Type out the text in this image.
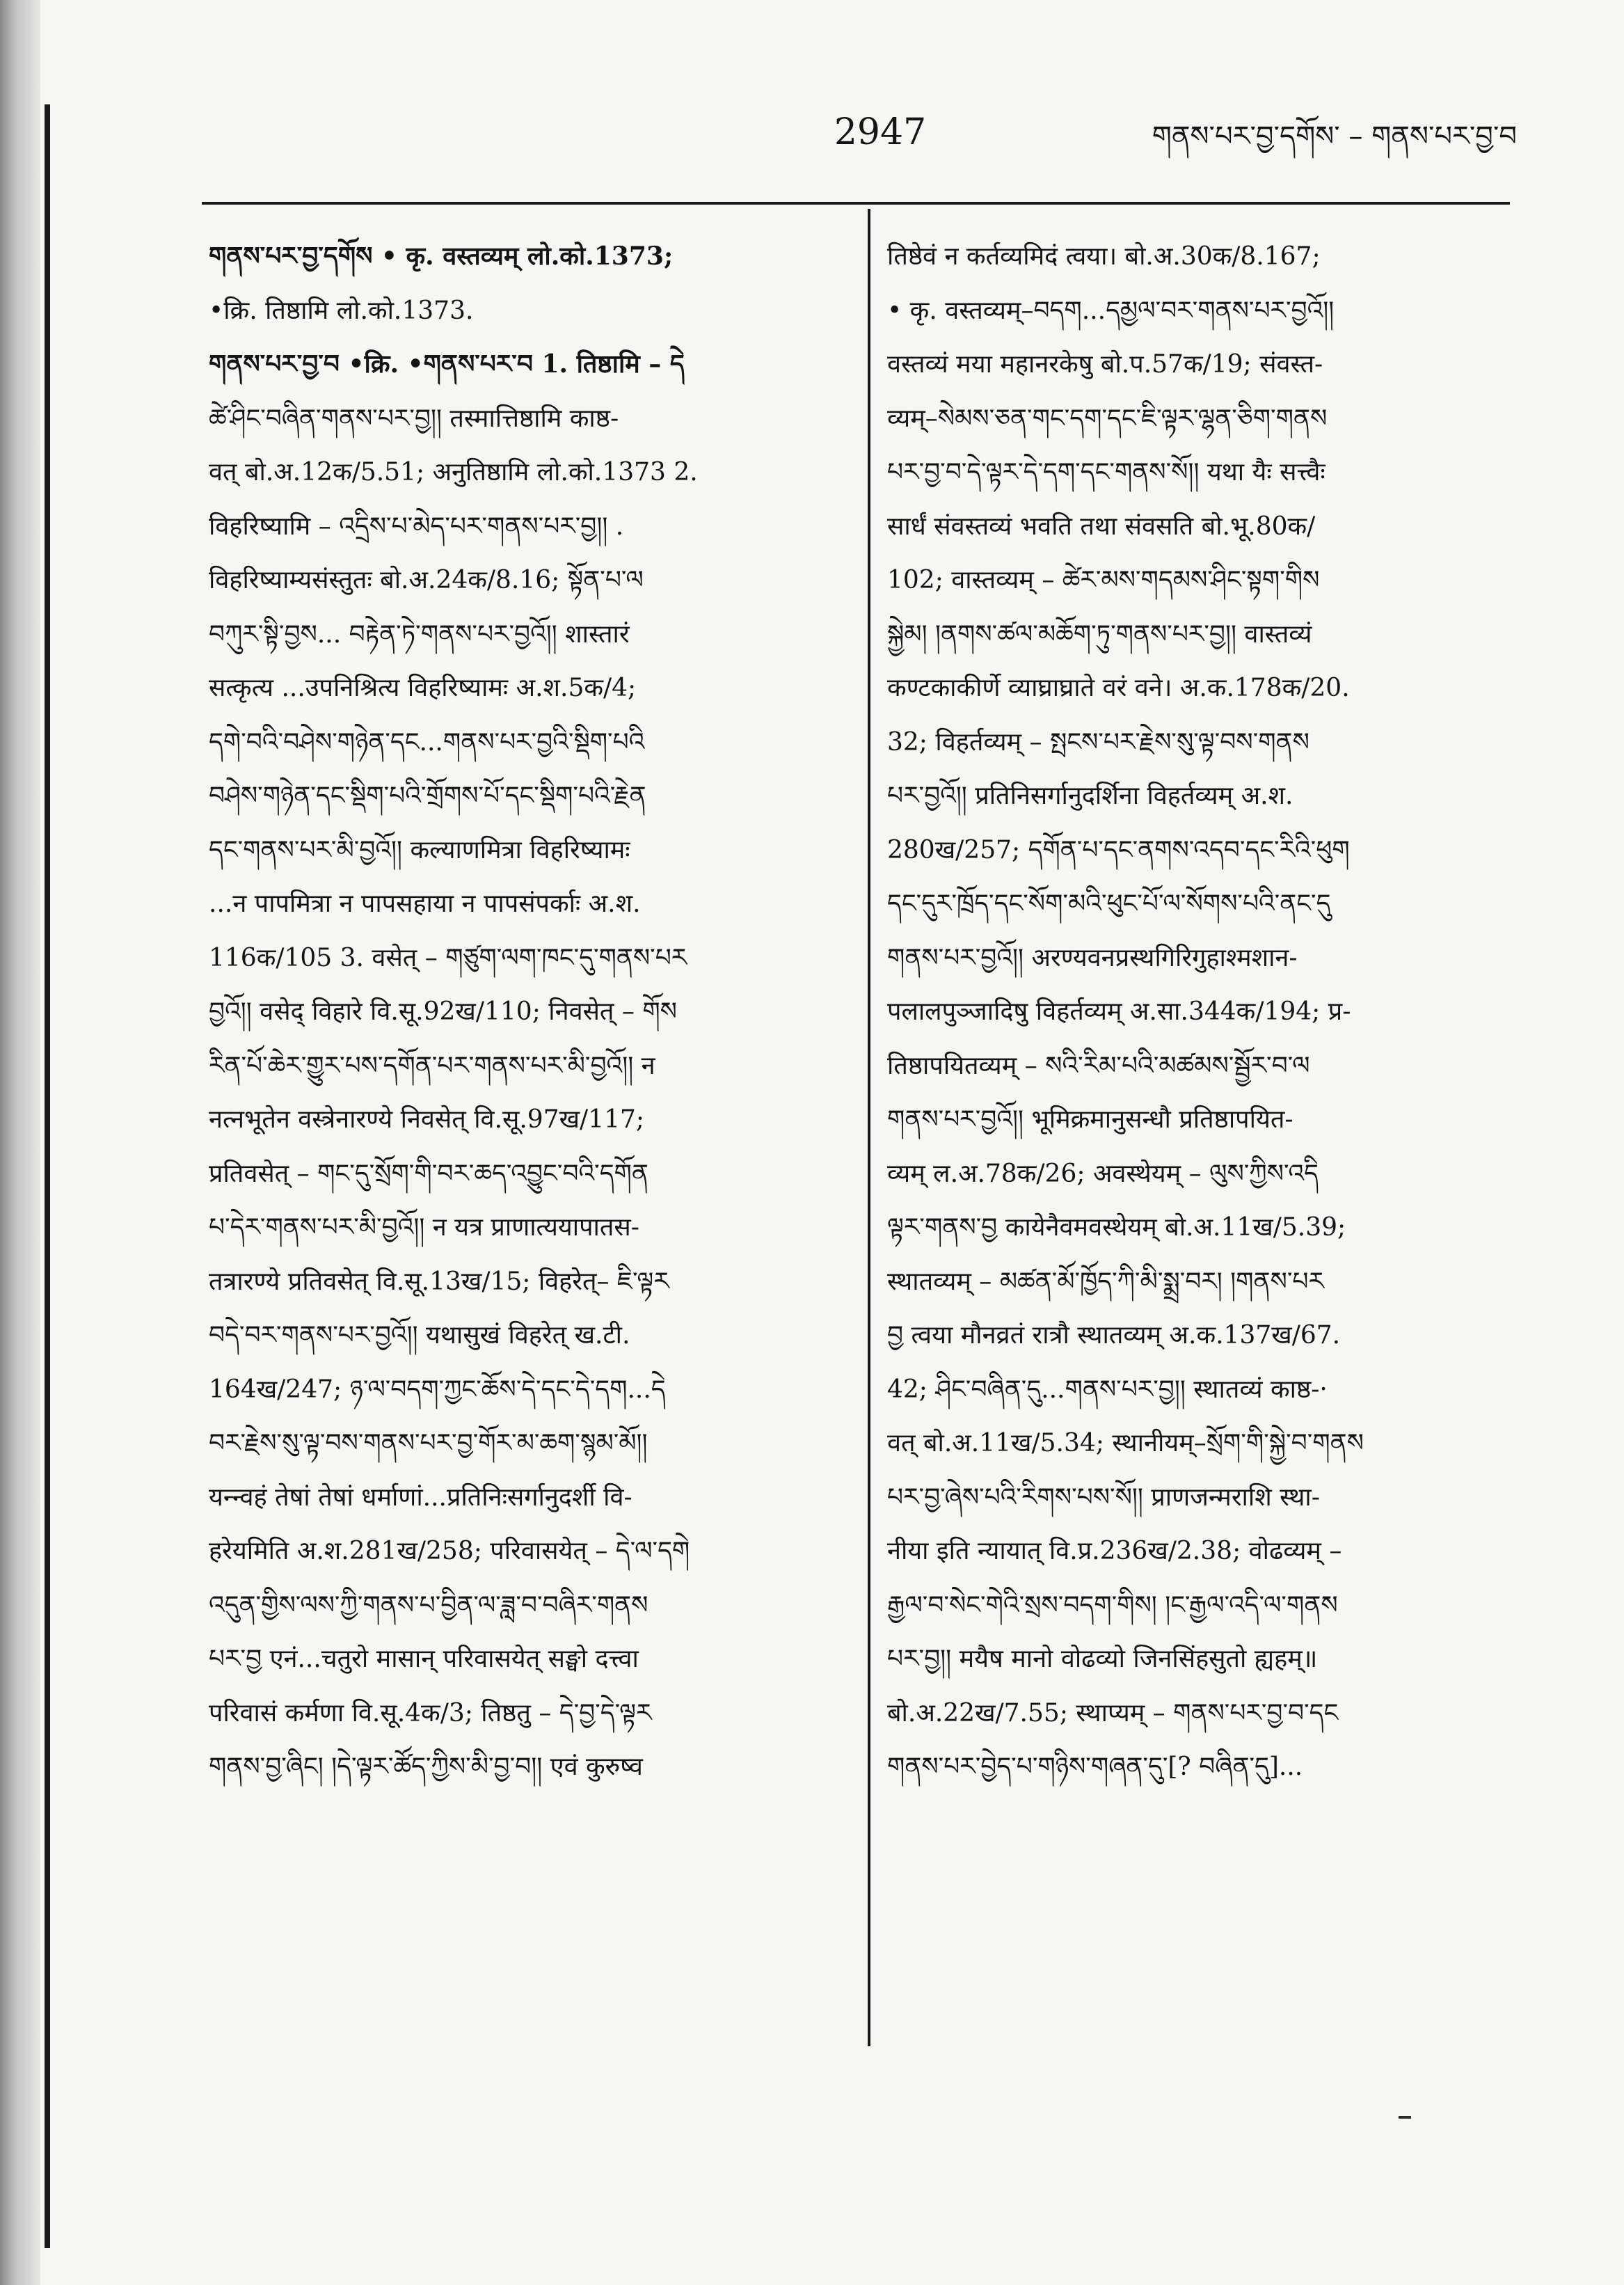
2947	གནས་པར་བྱ་དགོས་ – གནས་པར་བྱ་བ
གནས་པར་བྱ་དགོས • कृ. वस्तव्यम् लो.को.1373;
•क्रि. तिष्ठामि लो.को.1373.
གནས་པར་བྱ་བ •क्रि. •གནས་པར་བ 1. तिष्ठामि – དེ
ཚེ་ཤིང་བཞིན་གནས་པར་བྱ།། तस्मात्तिष्ठामि काष्ठ-
वत् बो.अ.12क/5.51; अनुतिष्ठामि लो.को.1373 2.
विहरिष्यामि – འདྲིས་པ་མེད་པར་གནས་པར་བྱ།། .
विहरिष्याम्यसंस्तुतः बो.अ.24क/8.16; སྟོན་པ་ལ
བཀུར་སྟི་བྱས... བརྟེན་ཏེ་གནས་པར་བྱའོ།། शास्तारं
सत्कृत्य ...उपनिश्रित्य विहरिष्यामः अ.श.5क/4;
དགེ་བའི་བཤེས་གཉེན་དང...གནས་པར་བྱའི་སྡིག་པའི
བཤེས་གཉེན་དང་སྡིག་པའི་གྲོགས་པོ་དང་སྡིག་པའི་རྗེན
དང་གནས་པར་མི་བྱའོ།། कल्याणमित्रा विहरिष्यामः
...न पापमित्रा न पापसहाया न पापसंपर्काः अ.श.
116क/105 3. वसेत् – གཙུག་ལག་ཁང་དུ་གནས་པར
བྱའོ།། वसेद् विहारे वि.सू.92ख/110; निवसेत् – གོས
རིན་པོ་ཆེར་གྱུར་པས་དགོན་པར་གནས་པར་མི་བྱའོ།། न
नत्नभूतेन वस्त्रेनारण्ये निवसेत् वि.सू.97ख/117;
प्रतिवसेत् – གང་དུ་སྲོག་གི་བར་ཆད་འབྱུང་བའི་དགོན
པ་དེར་གནས་པར་མི་བྱའོ།། न यत्र प्राणात्ययापातस-
तत्रारण्ये प्रतिवसेत् वि.सू.13ख/15; विहरेत्– ཇི་ལྟར
བདེ་བར་གནས་པར་བྱའོ།། यथासुखं विहरेत् ख.टी.
164ख/247; ཉ་ལ་བདག་ཀྱང་ཆོས་དེ་དང་དེ་དག...དེ
བར་རྗེས་སུ་ལྟ་བས་གནས་པར་བྱ་གོར་མ་ཆག་སྙམ་མོ།།
यन्न्वहं तेषां तेषां धर्माणां...प्रतिनिःसर्गानुदर्शी वि-
हरेयमिति अ.श.281ख/258; परिवासयेत् – དེ་ལ་དགེ
འདུན་གྱིས་ལས་ཀྱི་གནས་པ་བྱིན་ལ་ཟླ་བ་བཞིར་གནས
པར་བྱ एनं...चतुरो मासान् परिवासयेत् सङ्घो दत्त्वा
परिवासं कर्मणा वि.सू.4क/3; तिष्ठतु – དེ་བྱ་དེ་ལྟར
གནས་བྱ་ཞིང། །དེ་ལྟར་ཚོད་ཀྱིས་མི་བྱ་བ།། एवं कुरुष्व
तिष्ठेवं न कर्तव्यमिदं त्वया। बो.अ.30क/8.167;
• कृ. वस्तव्यम्–བདག...དམྱལ་བར་གནས་པར་བྱའོ།།
वस्तव्यं मया महानरकेषु बो.प.57क/19; संवस्त-
व्यम्–སེམས་ཅན་གང་དག་དང་ཇི་ལྟར་ལྷན་ཅིག་གནས
པར་བྱ་བ་དེ་ལྟར་དེ་དག་དང་གནས་སོ།། यथा यैः सत्त्वैः
सार्धं संवस्तव्यं भवति तथा संवसति बो.भू.80क/
102; वास्तव्यम् – ཚེར་མས་གདམས་ཤིང་སྟག་གིས
སྐྱེམ། །ནགས་ཚལ་མཆོག་ཏུ་གནས་པར་བྱ།། वास्तव्यं
कण्टकाकीर्णे व्याघ्राघ्राते वरं वने। अ.क.178क/20.
32; विहर्तव्यम् – སྤངས་པར་རྗེས་སུ་ལྟ་བས་གནས
པར་བྱའོ།། प्रतिनिसर्गानुदर्शिना विहर्तव्यम् अ.श.
280ख/257; དགོན་པ་དང་ནགས་འདབ་དང་རིའི་ཕུག
དང་དུར་ཁྲོད་དང་སོག་མའི་ཕུང་པོ་ལ་སོགས་པའི་ནང་དུ
གནས་པར་བྱའོ།། अरण्यवनप्रस्थगिरिगुहाश्मशान-
पलालपुञ्जादिषु विहर्तव्यम् अ.सा.344क/194; प्र-
तिष्ठापयितव्यम् – སའི་རིམ་པའི་མཚམས་སྦྱོར་བ་ལ
གནས་པར་བྱའོ།། भूमिक्रमानुसन्धौ प्रतिष्ठापयित-
व्यम् ल.अ.78क/26; अवस्थेयम् – ལུས་ཀྱིས་འདི
ལྟར་གནས་བྱ कायेनैवमवस्थेयम् बो.अ.11ख/5.39;
स्थातव्यम् – མཚན་མོ་ཁྱོད་ཀི་མི་སྨྲ་བར། །གནས་པར
བྱ त्वया मौनव्रतं रात्रौ स्थातव्यम् अ.क.137ख/67.
42; ཤིང་བཞིན་དུ...གནས་པར་བྱ།། स्थातव्यं काष्ठ-·
वत् बो.अ.11ख/5.34; स्थानीयम्–སྲོག་གི་སྐྱེ་བ་གནས
པར་བྱ་ཞེས་པའི་རིགས་པས་སོ།། प्राणजन्मराशि स्था-
नीया इति न्यायात् वि.प्र.236ख/2.38; वोढव्यम् –
རྒྱལ་བ་སེང་གེའི་སྲས་བདག་གིས། །ང་རྒྱལ་འདི་ལ་གནས
པར་བྱ།། मयैष मानो वोढव्यो जिनसिंहसुतो ह्यहम्॥
बो.अ.22ख/7.55; स्थाप्यम् – གནས་པར་བྱ་བ་དང
གནས་པར་བྱེད་པ་གཉིས་གཞན་དུ་[? བཞིན་དུ]...
